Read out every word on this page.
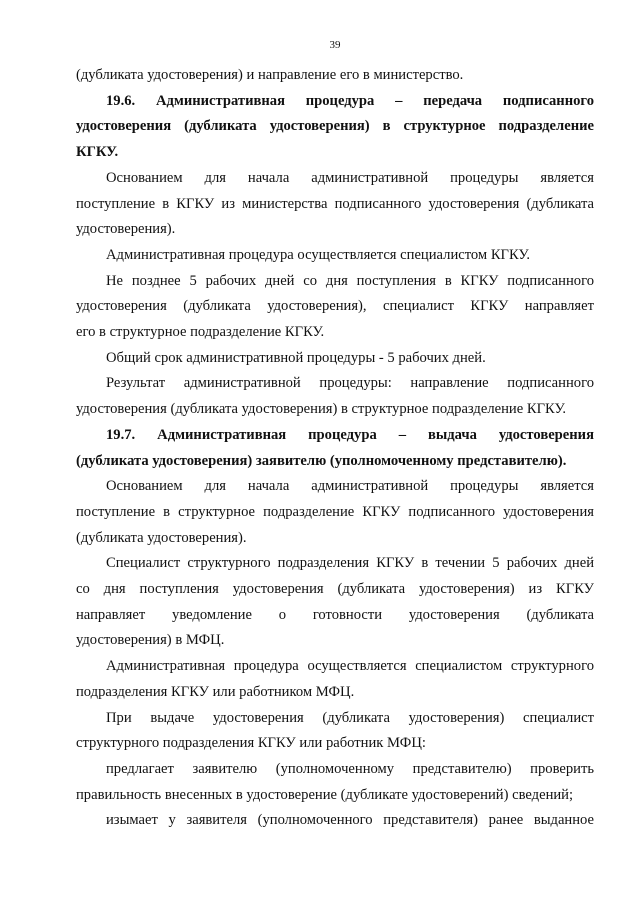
39
(дубликата удостоверения) и направление его в министерство.
19.6. Административная процедура – передача подписанного
удостоверения (дубликата удостоверения) в структурное подразделение
КГКУ.
Основанием для начала административной процедуры является
поступление в КГКУ из министерства подписанного удостоверения (дубликата
удостоверения).
Административная процедура осуществляется специалистом КГКУ.
Не позднее 5 рабочих дней со дня поступления в КГКУ подписанного
удостоверения (дубликата удостоверения), специалист КГКУ направляет
его в структурное подразделение КГКУ.
Общий срок административной процедуры - 5 рабочих дней.
Результат административной процедуры: направление подписанного
удостоверения (дубликата удостоверения) в структурное подразделение КГКУ.
19.7. Административная процедура – выдача удостоверения
(дубликата удостоверения) заявителю (уполномоченному представителю).
Основанием для начала административной процедуры является
поступление в структурное подразделение КГКУ подписанного удостоверения
(дубликата удостоверения).
Специалист структурного подразделения КГКУ в течении 5 рабочих дней
со дня поступления удостоверения (дубликата удостоверения) из КГКУ
направляет уведомление о готовности удостоверения (дубликата
удостоверения) в МФЦ.
Административная процедура осуществляется специалистом структурного
подразделения КГКУ или работником МФЦ.
При выдаче удостоверения (дубликата удостоверения) специалист
структурного подразделения КГКУ или работник МФЦ:
предлагает заявителю (уполномоченному представителю) проверить
правильность внесенных в удостоверение (дубликате удостоверений) сведений;
изымает у заявителя (уполномоченного представителя) ранее выданное
